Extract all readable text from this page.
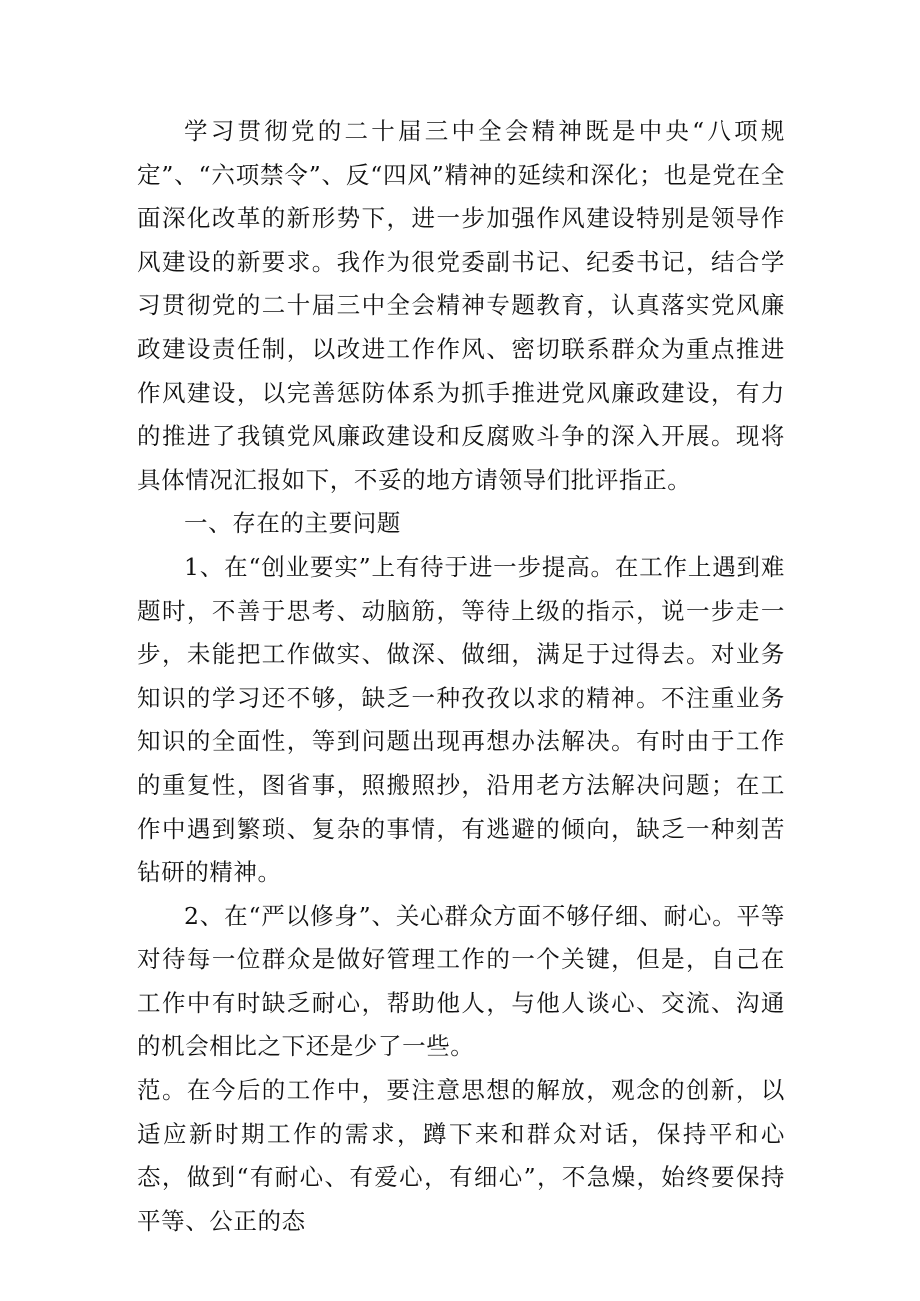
学习贯彻党的二十届三中全会精神既是中央“八项规定”、“六项禁令”、反“四风”精神的延续和深化；也是党在全面深化改革的新形势下，进一步加强作风建设特别是领导作风建设的新要求。我作为很党委副书记、纪委书记，结合学习贯彻党的二十届三中全会精神专题教育，认真落实党风廉政建设责任制，以改进工作作风、密切联系群众为重点推进作风建设，以完善惩防体系为抓手推进党风廉政建设，有力的推进了我镇党风廉政建设和反腐败斗争的深入开展。现将具体情况汇报如下，不妥的地方请领导们批评指正。

一、存在的主要问题

1、在“创业要实”上有待于进一步提高。在工作上遇到难题时，不善于思考、动脑筋，等待上级的指示，说一步走一步，未能把工作做实、做深、做细，满足于过得去。对业务知识的学习还不够，缺乏一种孜孜以求的精神。不注重业务知识的全面性，等到问题出现再想办法解决。有时由于工作的重复性，图省事，照搬照抄，沿用老方法解决问题；在工作中遇到繁琐、复杂的事情，有逃避的倾向，缺乏一种刻苦钻研的精神。

2、在“严以修身”、关心群众方面不够仔细、耐心。平等对待每一位群众是做好管理工作的一个关键，但是，自己在工作中有时缺乏耐心，帮助他人，与他人谈心、交流、沟通的机会相比之下还是少了一些。

范。在今后的工作中，要注意思想的解放，观念的创新，以适应新时期工作的需求，蹲下来和群众对话，保持平和心态，做到“有耐心、有爱心，有细心”，不急燥，始终要保持平等、公正的态
